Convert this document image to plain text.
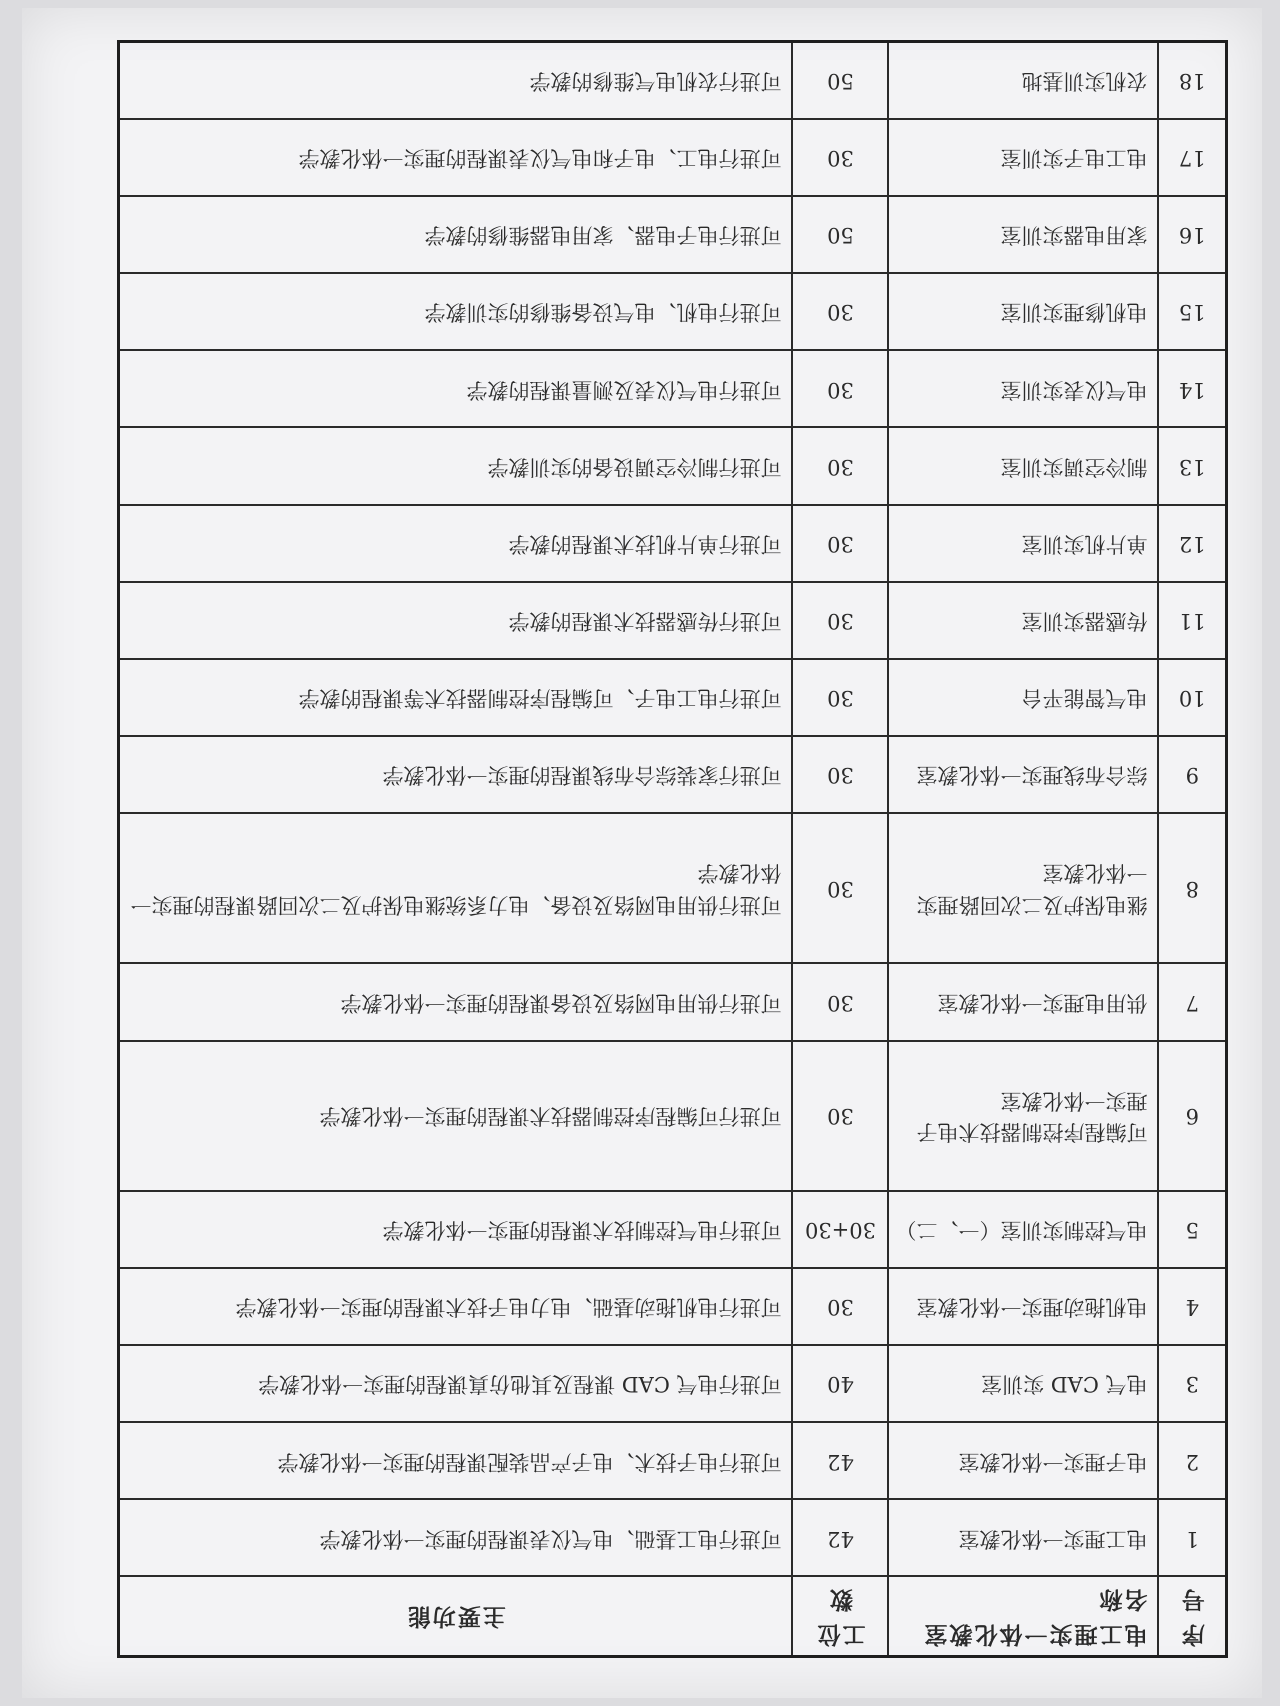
序号	电工理实一体化教室名称	工位数	主要功能
1	电工理实一体化教室	42	可进行电工基础、电气仪表课程的理实一体化教学
2	电子理实一体化教室	42	可进行电子技术、电子产品装配课程的理实一体化教学
3	电气 CAD 实训室	40	可进行电气 CAD 课程及其他仿真课程的理实一体化教学
4	电机拖动理实一体化教室	30	可进行电机拖动基础、电力电子技术课程的理实一体化教学
5	电气控制实训室（一、二）	30+30	可进行电气控制技术课程的理实一体化教学
6	可编程序控制器技术电子理实一体化教室	30	可进行可编程序控制器技术课程的理实一体化教学
7	供用电理实一体化教室	30	可进行供用电网络及设备课程的理实一体化教学
8	继电保护及二次回路理实一体化教室	30	可进行供用电网络及设备、电力系统继电保护及二次回路课程的理实一体化教学
9	综合布线理实一体化教室	30	可进行家装综合布线课程的理实一体化教学
10	电气智能平台	30	可进行电工电子、可编程序控制器技术等课程的教学
11	传感器实训室	30	可进行传感器技术课程的教学
12	单片机实训室	30	可进行单片机技术课程的教学
13	制冷空调实训室	30	可进行制冷空调设备的实训教学
14	电气仪表实训室	30	可进行电气仪表及测量课程的教学
15	电机修理实训室	30	可进行电机、电气设备维修的实训教学
16	家用电器实训室	50	可进行电子电器、家用电器维修的教学
17	电工电子实训室	30	可进行电工、电子和电气仪表课程的理实一体化教学
18	农机实训基地	50	可进行农机电气维修的教学
